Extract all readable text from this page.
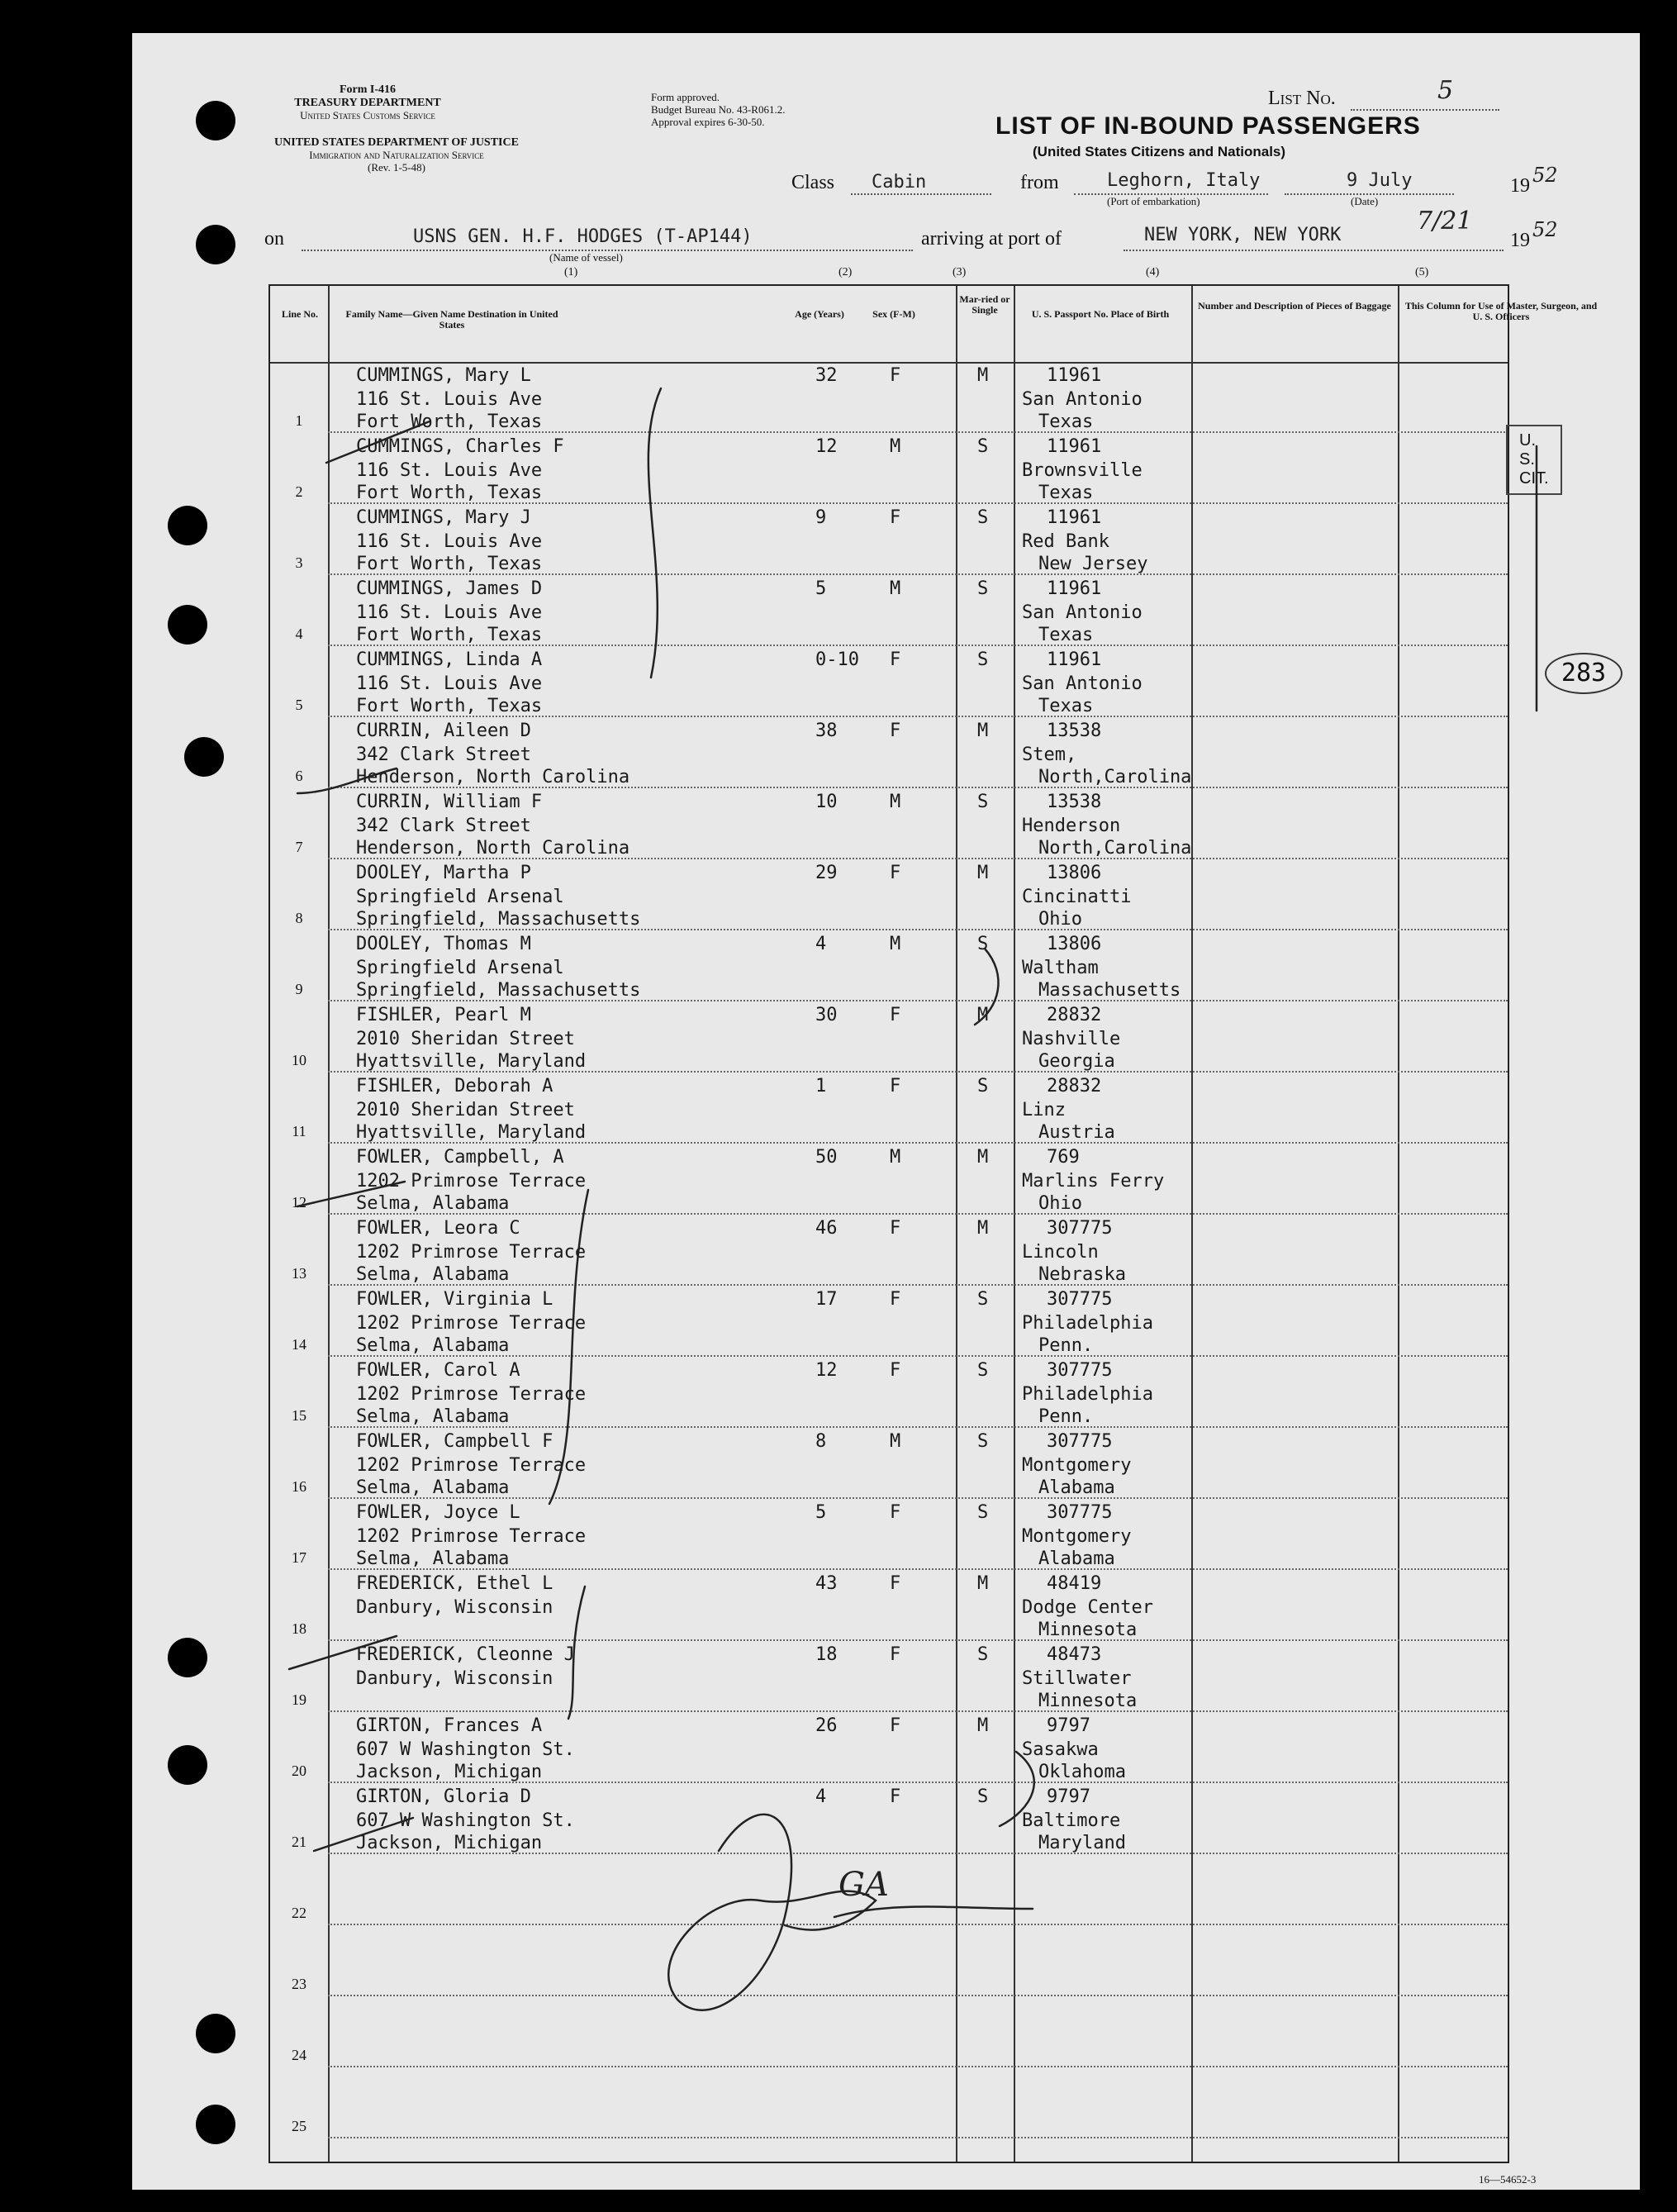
Form I-416
TREASURY DEPARTMENT
United States Customs Service
UNITED STATES DEPARTMENT OF JUSTICE
Immigration and Naturalization Service
(Rev. 1-5-48)
Form approved.
Budget Bureau No. 43-R061.2.
Approval expires 6-30-50.
List No.	5
LIST OF IN-BOUND PASSENGERS
(United States Citizens and Nationals)
Class Cabin	from	Leghorn, Italy
(Port of embarkation)
9 July
(Date)
19 52
on	USNS GEN. H.F. HODGES (T-AP144)
(Name of vessel)
arriving at port of	NEW YORK, NEW YORK	7/21
19 52
(1)	(2)	(3)	(4)	(5)
Line No.	Family Name—Given Name Destination in United States
Age (Years)	Sex (F-M)
Mar-ried or Single	U. S. Passport No. Place of Birth
Number and Description of Pieces of Baggage	This Column for Use of Master, Surgeon, and U. S. Officers
1
CUMMINGS, Mary L
116 St. Louis Ave
Fort Worth, Texas
32	F	M	11961
San Antonio
Texas
2
CUMMINGS, Charles F
116 St. Louis Ave
Fort Worth, Texas
12	M	S	11961
Brownsville
Texas
3
CUMMINGS, Mary J
116 St. Louis Ave
Fort Worth, Texas
9	F	S	11961
Red Bank
New Jersey
4
CUMMINGS, James D
116 St. Louis Ave
Fort Worth, Texas
5	M	S	11961
San Antonio
Texas
5
CUMMINGS, Linda A
116 St. Louis Ave
Fort Worth, Texas
0-10 F	S	11961
San Antonio
Texas
6
CURRIN, Aileen D
342 Clark Street
Henderson, North Carolina
38	F	M	13538
Stem,
North,Carolina
7
CURRIN, William F
342 Clark Street
Henderson, North Carolina
10	M	S	13538
Henderson
North,Carolina
8
DOOLEY, Martha P
Springfield Arsenal
Springfield, Massachusetts
29	F	M	13806
Cincinatti
Ohio
9
DOOLEY, Thomas M
Springfield Arsenal
Springfield, Massachusetts
4	M	S	13806
Waltham
Massachusetts
10
FISHLER, Pearl M
2010 Sheridan Street
Hyattsville, Maryland
30	F	M	28832
Nashville
Georgia
11
FISHLER, Deborah A
2010 Sheridan Street
Hyattsville, Maryland
1	F	S	28832
Linz
Austria
12
FOWLER, Campbell, A
1202 Primrose Terrace
Selma, Alabama
50	M	M	769
Marlins Ferry
Ohio
13
FOWLER, Leora C
1202 Primrose Terrace
Selma, Alabama
46	F	M	307775
Lincoln
Nebraska
14
FOWLER, Virginia L
1202 Primrose Terrace
Selma, Alabama
17	F	S	307775
Philadelphia
Penn.
15
FOWLER, Carol A
1202 Primrose Terrace
Selma, Alabama
12	F	S	307775
Philadelphia
Penn.
16
FOWLER, Campbell F
1202 Primrose Terrace
Selma, Alabama
8	M	S	307775
Montgomery
Alabama
17
FOWLER, Joyce L
1202 Primrose Terrace
Selma, Alabama
5	F	S	307775
Montgomery
Alabama
18
FREDERICK, Ethel L
Danbury, Wisconsin
43	F	M	48419
Dodge Center
Minnesota
19
FREDERICK, Cleonne J
Danbury, Wisconsin
18	F	S	48473
Stillwater
Minnesota
20
GIRTON, Frances A
607 W Washington St.
Jackson, Michigan
26	F	M	9797
Sasakwa
Oklahoma
21
GIRTON, Gloria D
607 W Washington St.
Jackson, Michigan
4	F	S	9797
Baltimore
Maryland
22
23
24
25
U. S. CIT.
283
GA
16—54652-3
